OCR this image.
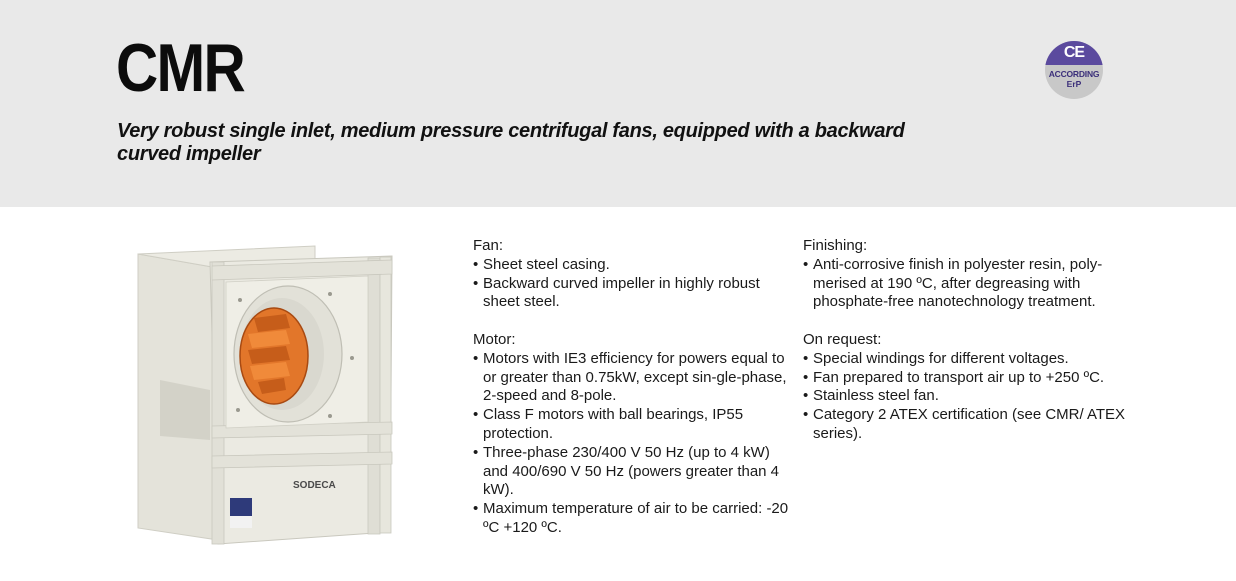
CMR
Very robust single inlet, medium pressure centrifugal fans, equipped with a backward curved impeller
CE
ACCORDING
ErP
SODECA
Fan:
• Sheet steel casing.
• Backward curved impeller in highly robust sheet steel.
Motor:
• Motors with IE3 efficiency for powers equal to or greater than 0.75kW, except sin-gle-phase, 2-speed and 8-pole.
• Class F motors with ball bearings, IP55 protection.
• Three-phase 230/400 V 50 Hz (up to 4 kW) and 400/690 V 50 Hz (powers greater than 4 kW).
• Maximum temperature of air to be carried: -20 ºC +120 ºC.
Finishing:
• Anti-corrosive finish in polyester resin, poly-merised at 190 ºC, after degreasing with phosphate-free nanotechnology treatment.
On request:
• Special windings for different voltages.
• Fan prepared to transport air up to +250 ºC.
• Stainless steel fan.
• Category 2 ATEX certification (see CMR/ ATEX series).
